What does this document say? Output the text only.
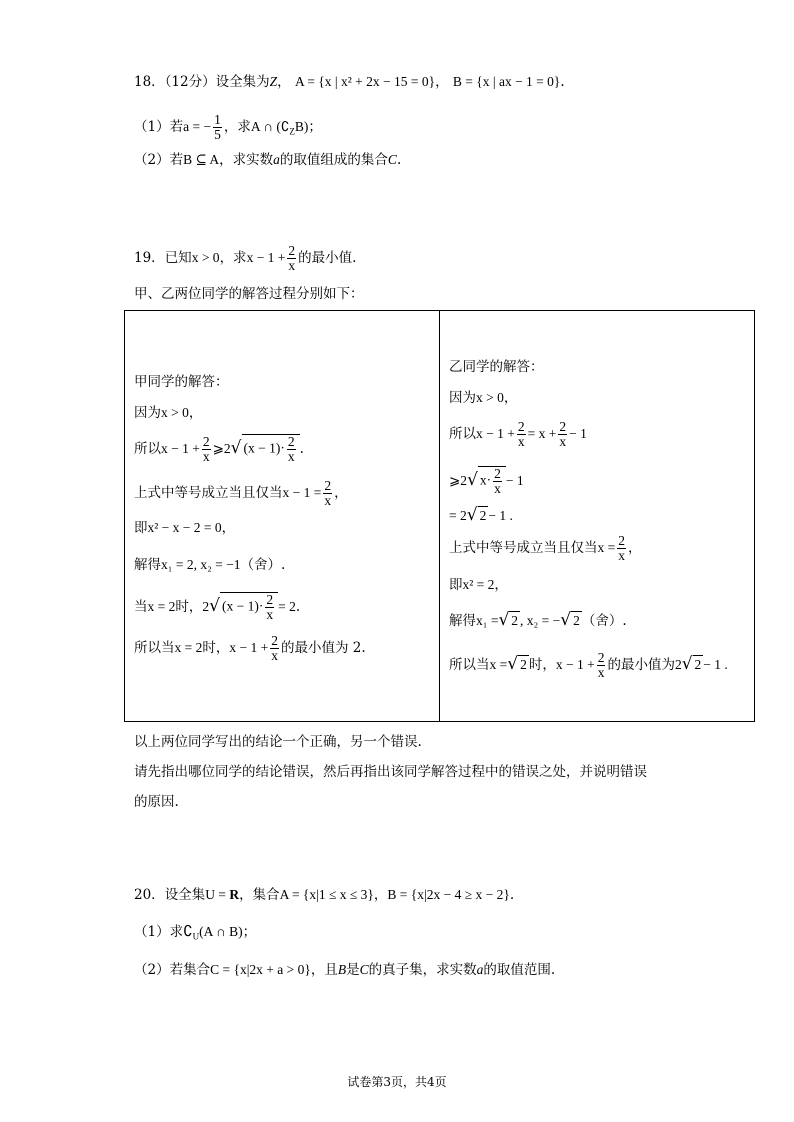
18．（12分）设全集为Z， A = {x | x² + 2x − 15 = 0}， B = {x | ax − 1 = 0}.
（1）若a = − $\frac{1}{5}$ ，求A ∩ $(∁_ZB)$；
（2）若B ⊆ A，求实数a的取值组成的集合C.
19．已知x > 0，求$x - 1 + \frac{2}{x}$ 的最小值.
甲、乙两位同学的解答过程分别如下：
甲同学的解答：
因为x > 0，
所以$x - 1 + \frac{2}{x}$ ⩾2√ $(x - 1)\cdot \frac{2}{x}$ .
上式中等号成立当且仅当$x - 1 = \frac{2}{x}$ ，
即x² − x − 2 = 0，
解得x₁ = 2, x₂ = −1（舍）.
当x = 2时，2√ $(x - 1)\cdot \frac{2}{x} = 2$.
所以当x = 2时，$x - 1 + \frac{2}{x}$ 的最小值为 2.
乙同学的解答：
因为x > 0，
所以$x - 1 + \frac{2}{x} = x + \frac{2}{x} - 1$
⩾2√ $x\cdot \frac{2}{x} - 1$
= 2√ 2 − 1 .
上式中等号成立当且仅当$x = \frac{2}{x}$ ，
即x² = 2，
解得x₁ =√ 2 , x₂ = −√ 2 （舍）.
所以当x =√ 2 时，$x - 1 + \frac{2}{x}$ 的最小值为2√ 2 − 1 .
以上两位同学写出的结论一个正确，另一个错误.
请先指出哪位同学的结论错误，然后再指出该同学解答过程中的错误之处，并说明错误
的原因.
20．设全集U = R，集合A = {x|1 ≤ x ≤ 3}，B = {x|2x − 4 ≥ x − 2}.
（1）求$∁_U(A$ ∩ B)；
（2）若集合C = {x|2x + a > 0}，且B是C的真子集，求实数a的取值范围.
试卷第3页，共4页
